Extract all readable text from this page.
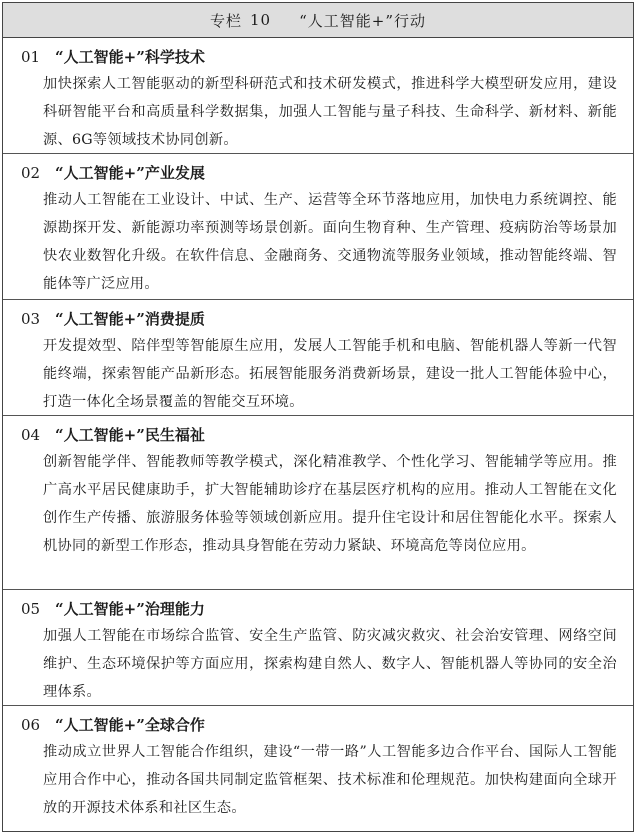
专栏 10 “人工智能+”行动
01 “人工智能+”科学技术
加快探索人工智能驱动的新型科研范式和技术研发模式，推进科学大模型研发应用，建设科研智能平台和高质量科学数据集，加强人工智能与量子科技、生命科学、新材料、新能源、6G等领域技术协同创新。
02 “人工智能+”产业发展
推动人工智能在工业设计、中试、生产、运营等全环节落地应用，加快电力系统调控、能源勘探开发、新能源功率预测等场景创新。面向生物育种、生产管理、疫病防治等场景加快农业数智化升级。在软件信息、金融商务、交通物流等服务业领域，推动智能终端、智能体等广泛应用。
03 “人工智能+”消费提质
开发提效型、陪伴型等智能原生应用，发展人工智能手机和电脑、智能机器人等新一代智能终端，探索智能产品新形态。拓展智能服务消费新场景，建设一批人工智能体验中心，打造一体化全场景覆盖的智能交互环境。
04 “人工智能+”民生福祉
创新智能学伴、智能教师等教学模式，深化精准教学、个性化学习、智能辅学等应用。推广高水平居民健康助手，扩大智能辅助诊疗在基层医疗机构的应用。推动人工智能在文化创作生产传播、旅游服务体验等领域创新应用。提升住宅设计和居住智能化水平。探索人机协同的新型工作形态，推动具身智能在劳动力紧缺、环境高危等岗位应用。
05 “人工智能+”治理能力
加强人工智能在市场综合监管、安全生产监管、防灾减灾救灾、社会治安管理、网络空间维护、生态环境保护等方面应用，探索构建自然人、数字人、智能机器人等协同的安全治理体系。
06 “人工智能+”全球合作
推动成立世界人工智能合作组织，建设“一带一路”人工智能多边合作平台、国际人工智能应用合作中心，推动各国共同制定监管框架、技术标准和伦理规范。加快构建面向全球开放的开源技术体系和社区生态。
